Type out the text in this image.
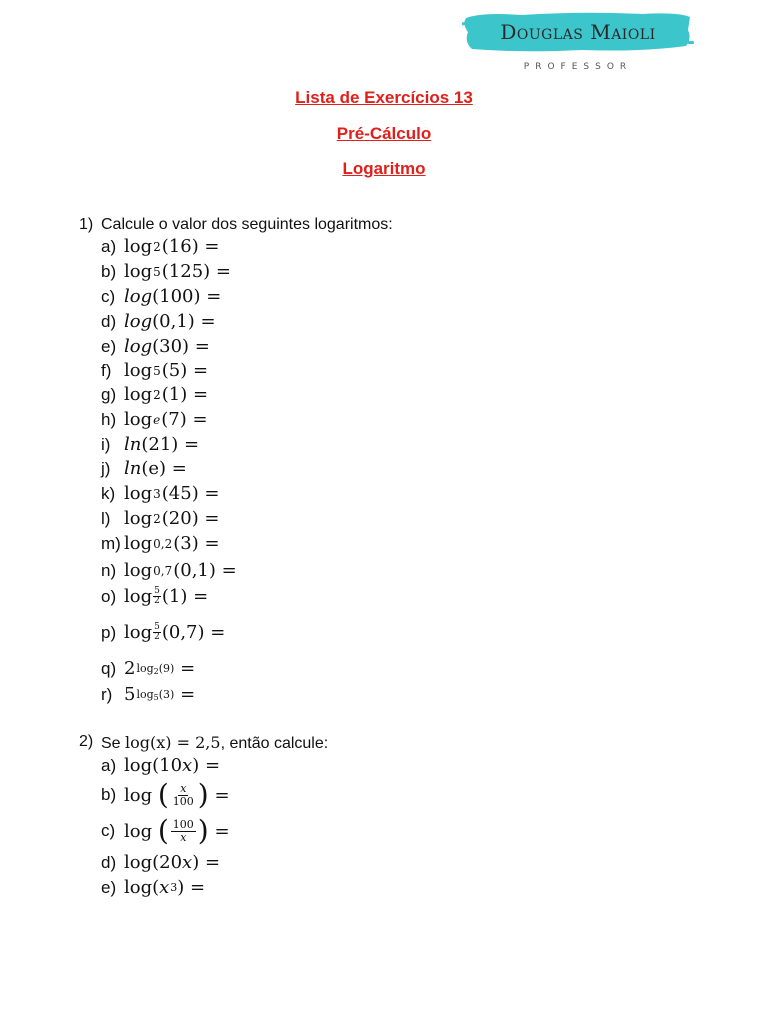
Douglas Maioli
PROFESSOR
Lista de Exercícios 13
Pré-Cálculo
Logaritmo
1) Calcule o valor dos seguintes logaritmos:
a) log 2 (16) =
b) log 5 (125) =
c) log (100) =
d) log (0,1) =
e) log (30) =
f) log 5 (5) =
g) log 2 (1) =
h) log e (7) =
i) ln (21) =
j) ln (e) =
k) log 3 (45) =
l) log 2 (20) =
m) log 0,2 (3) =
n) log 0,7 (0,1) =
o) log 5
2 (1) =
p) log 5
2 (0,7) =
q) 2 log2(9)
=
r) 5 log5(3)
=
2) Se log(x) = 2,5, então calcule:
a) log(10 x ) =
b) log
( $\frac{x}{100}$ )
=
c) log
( $\frac{100}{x}$ )
=
d) log(20 x ) =
e) log( x 3 ) =
